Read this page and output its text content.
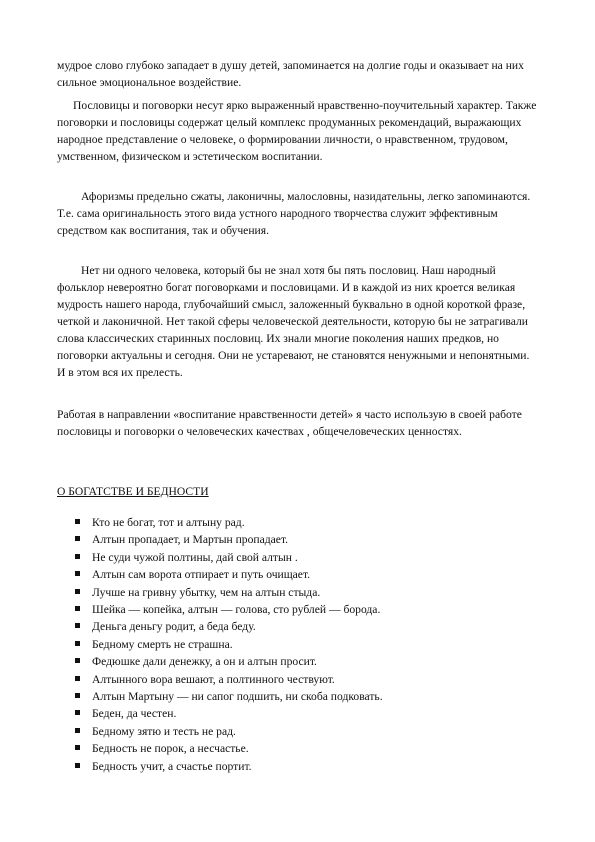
мудрое слово глубоко западает в душу детей, запоминается на долгие годы и оказывает на них сильное эмоциональное воздействие.

Пословицы и поговорки несут ярко выраженный нравственно-поучительный характер. Также поговорки и пословицы содержат целый комплекс продуманных рекомендаций, выражающих народное представление о человеке, о формировании личности, о нравственном, трудовом, умственном, физическом и эстетическом воспитании.

Афоризмы предельно сжаты, лаконичны, малословны, назидательны, легко запоминаются. Т.е. сама оригинальность этого вида устного народного творчества служит эффективным средством как воспитания, так и обучения.

Нет ни одного человека, который бы не знал хотя бы пять пословиц. Наш народный фольклор невероятно богат поговорками и пословицами. И в каждой из них кроется великая мудрость нашего народа, глубочайший смысл, заложенный буквально в одной короткой фразе, четкой и лаконичной. Нет такой сферы человеческой деятельности, которую бы не затрагивали слова классических старинных пословиц. Их знали многие поколения наших предков, но поговорки актуальны и сегодня. Они не устаревают, не становятся ненужными и непонятными. И в этом вся их прелесть.

Работая в направлении «воспитание нравственности детей» я часто использую в своей работе пословицы и поговорки о человеческих качествах , общечеловеческих ценностях.

О БОГАТСТВЕ И БЕДНОСТИ

Кто не богат, тот и алтыну рад.
Алтын пропадает, и Мартын пропадает.
Не суди чужой полтины, дай свой алтын .
Алтын сам ворота отпирает и путь очищает.
Лучше на гривну убытку, чем на алтын стыда.
Шейка — копейка, алтын — голова, сто рублей — борода.
Деньга деньгу родит, а беда беду.
Бедному смерть не страшна.
Федюшке дали денежку, а он и алтын просит.
Алтынного вора вешают, а полтинного чествуют.
Алтын Мартыну — ни сапог подшить, ни скоба подковать.
Беден, да честен.
Бедному зятю и тесть не рад.
Бедность не порок, а несчастье.
Бедность учит, а счастье портит.
